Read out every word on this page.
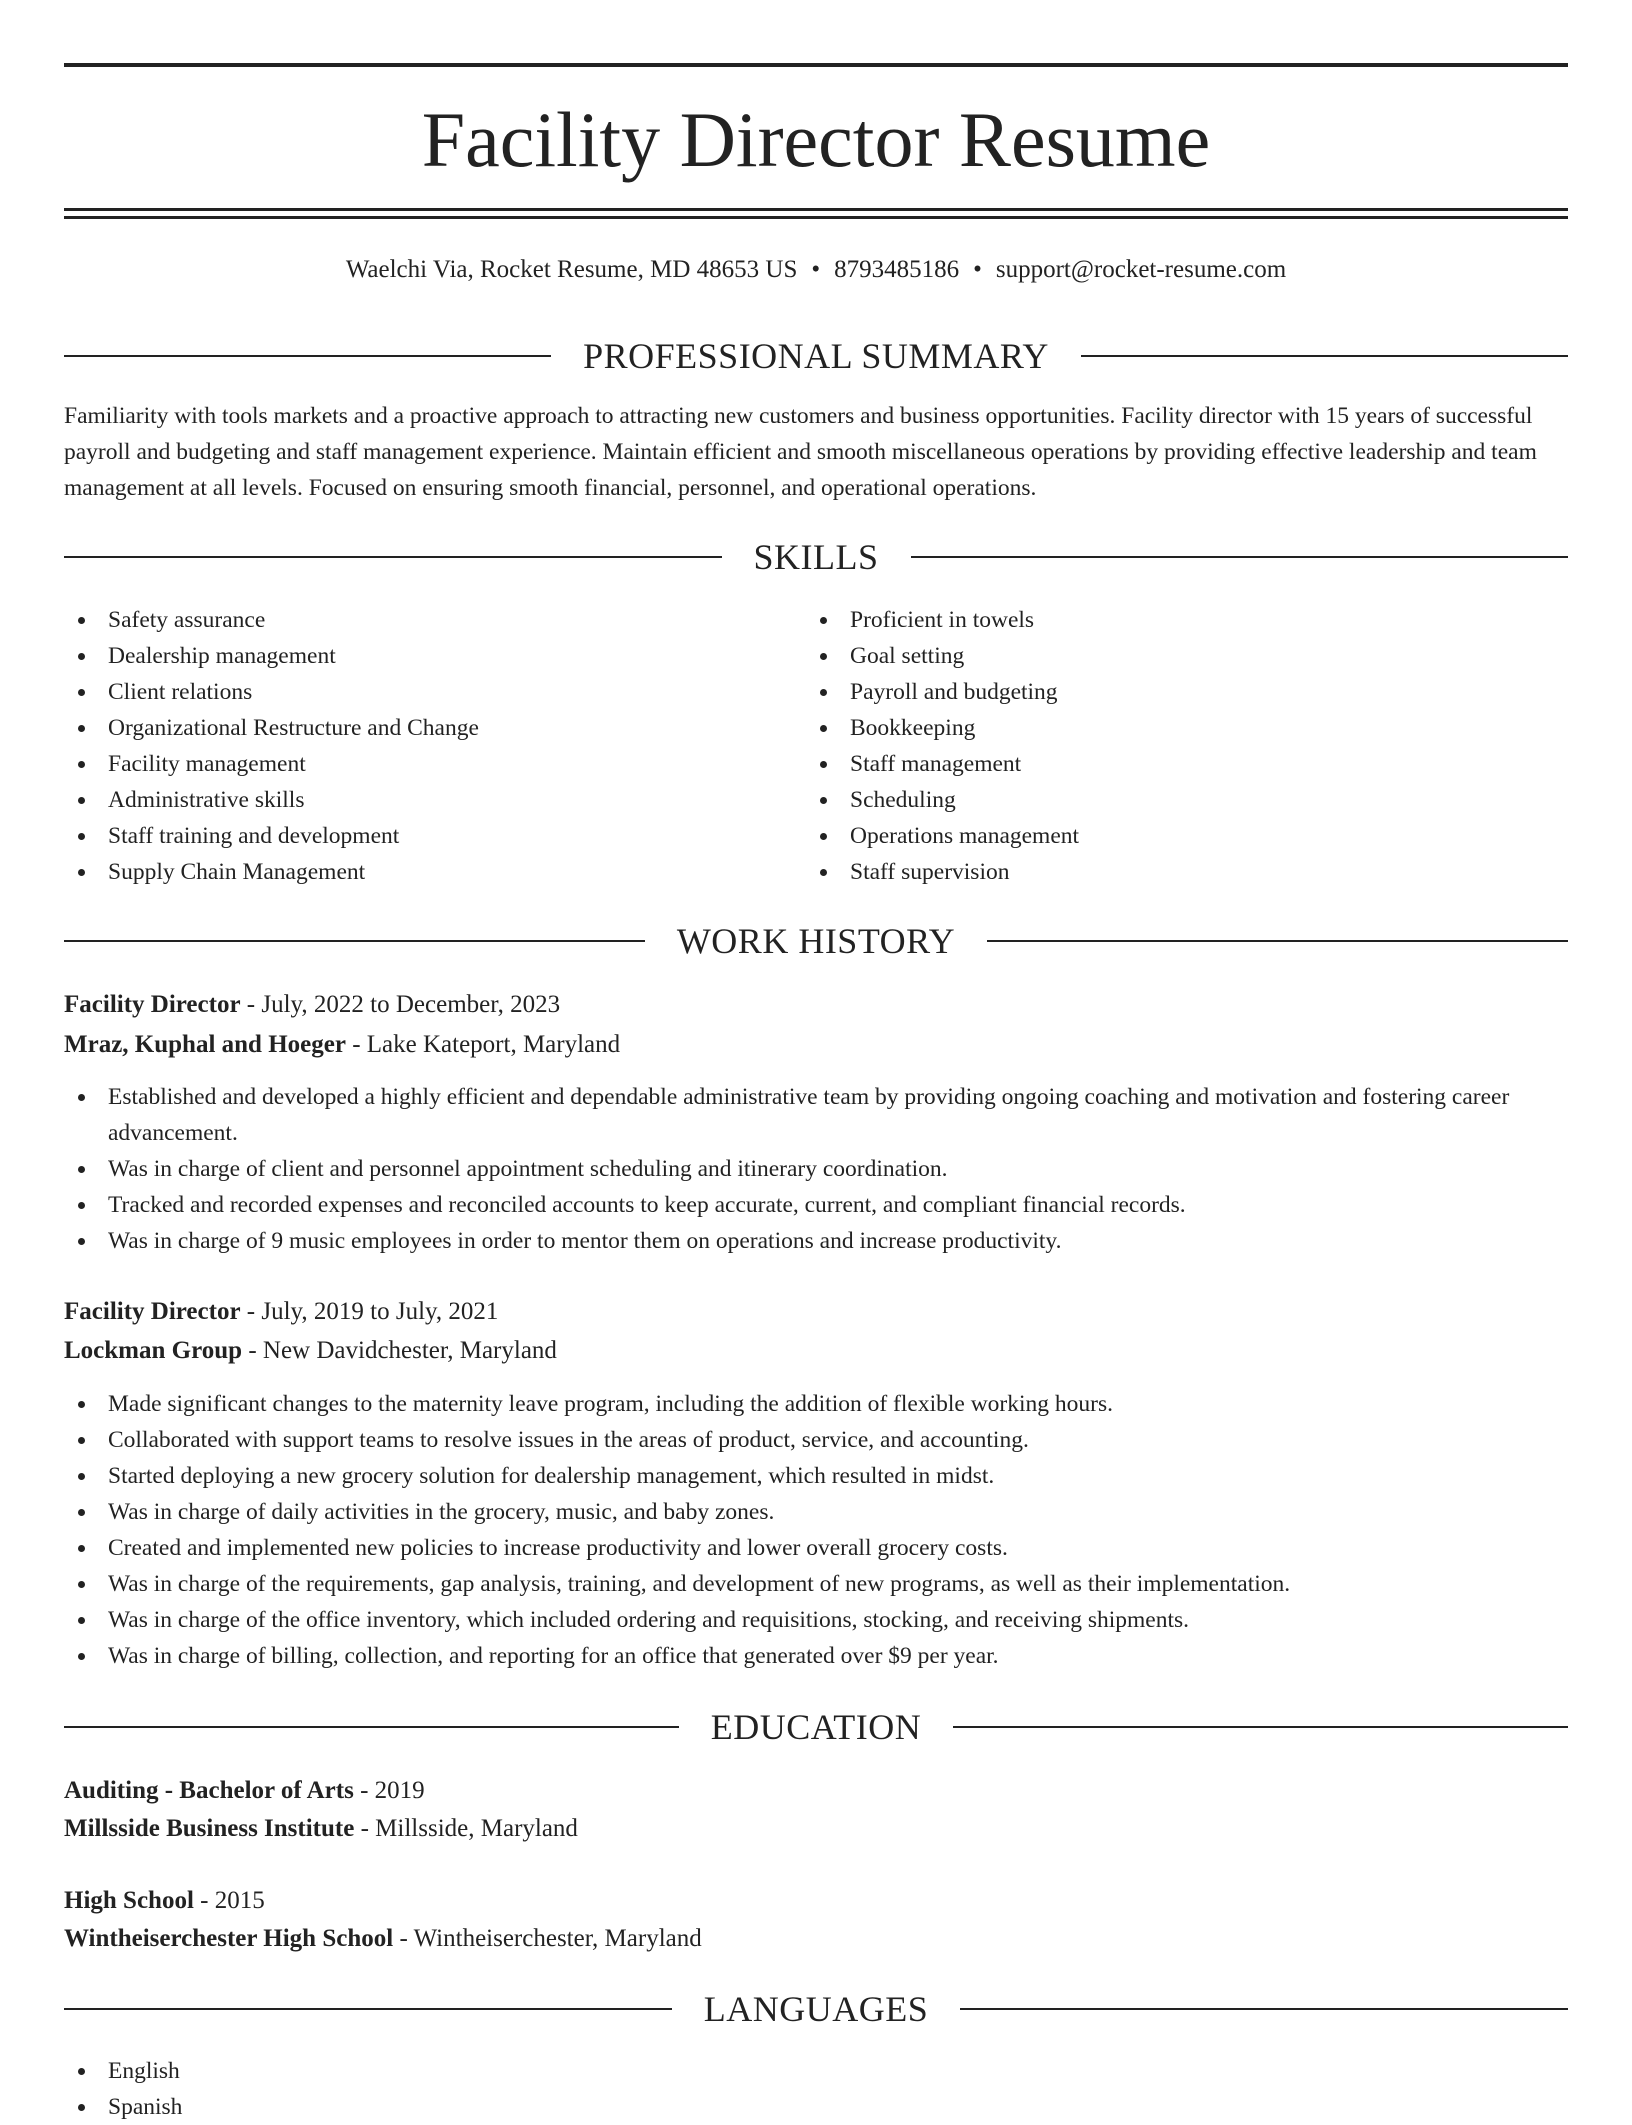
Facility Director Resume
Waelchi Via, Rocket Resume, MD 48653 US • 8793485186 • support@rocket-resume.com
PROFESSIONAL SUMMARY
Familiarity with tools markets and a proactive approach to attracting new customers and business opportunities. Facility director with 15 years of successful payroll and budgeting and staff management experience. Maintain efficient and smooth miscellaneous operations by providing effective leadership and team management at all levels. Focused on ensuring smooth financial, personnel, and operational operations.
SKILLS
Safety assurance
Dealership management
Client relations
Organizational Restructure and Change
Facility management
Administrative skills
Staff training and development
Supply Chain Management
Proficient in towels
Goal setting
Payroll and budgeting
Bookkeeping
Staff management
Scheduling
Operations management
Staff supervision
WORK HISTORY
Facility Director - July, 2022 to December, 2023
Mraz, Kuphal and Hoeger - Lake Kateport, Maryland
Established and developed a highly efficient and dependable administrative team by providing ongoing coaching and motivation and fostering career advancement.
Was in charge of client and personnel appointment scheduling and itinerary coordination.
Tracked and recorded expenses and reconciled accounts to keep accurate, current, and compliant financial records.
Was in charge of 9 music employees in order to mentor them on operations and increase productivity.
Facility Director - July, 2019 to July, 2021
Lockman Group - New Davidchester, Maryland
Made significant changes to the maternity leave program, including the addition of flexible working hours.
Collaborated with support teams to resolve issues in the areas of product, service, and accounting.
Started deploying a new grocery solution for dealership management, which resulted in midst.
Was in charge of daily activities in the grocery, music, and baby zones.
Created and implemented new policies to increase productivity and lower overall grocery costs.
Was in charge of the requirements, gap analysis, training, and development of new programs, as well as their implementation.
Was in charge of the office inventory, which included ordering and requisitions, stocking, and receiving shipments.
Was in charge of billing, collection, and reporting for an office that generated over $9 per year.
EDUCATION
Auditing - Bachelor of Arts - 2019
Millsside Business Institute - Millsside, Maryland
High School - 2015
Wintheiserchester High School - Wintheiserchester, Maryland
LANGUAGES
English
Spanish
